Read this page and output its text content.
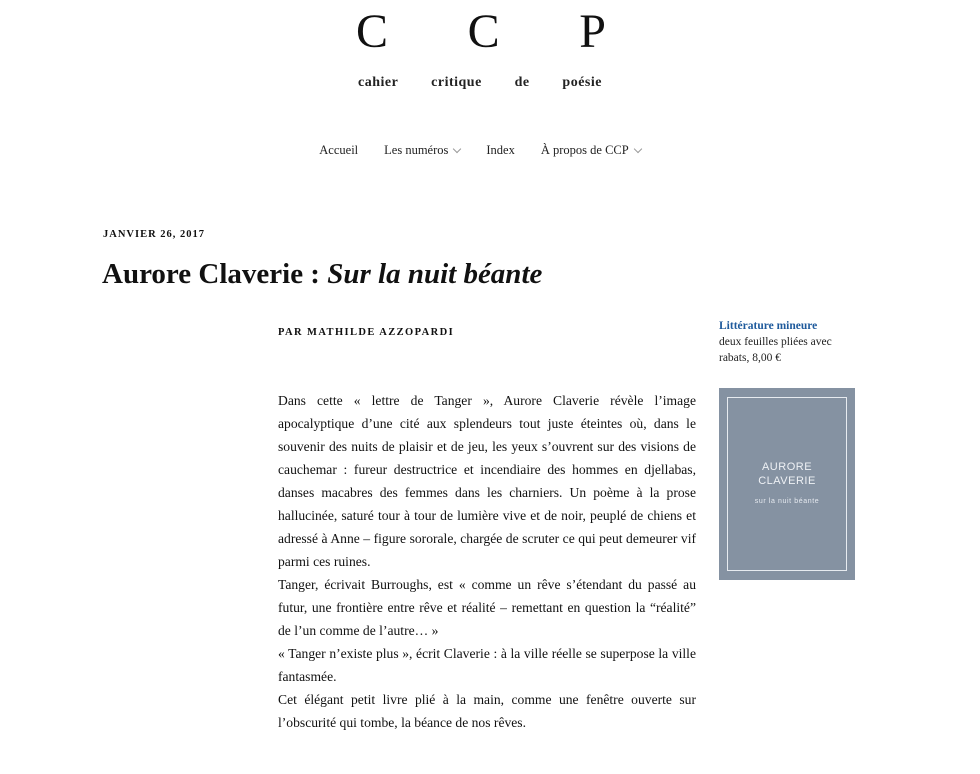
C C P
cahier critique de poésie
Accueil Les numéros	Index À propos de CCP
JANVIER 26, 2017
Aurore Claverie : Sur la nuit béante
PAR MATHILDE AZZOPARDI

Dans cette « lettre de Tanger », Aurore Claverie révèle l’image apocalyptique d’une cité aux splendeurs tout juste éteintes où, dans le souvenir des nuits de plaisir et de jeu, les yeux s’ouvrent sur des visions de cauchemar : fureur destructrice et incendiaire des hommes en djellabas, danses macabres des femmes dans les charniers. Un poème à la prose hallucinée, saturé tour à tour de lumière vive et de noir, peuplé de chiens et adressé à Anne – figure sororale, chargée de scruter ce qui peut demeurer vif parmi ces ruines.

Tanger, écrivait Burroughs, est « comme un rêve s’étendant du passé au futur, une frontière entre rêve et réalité – remettant en question la “réalité” de l’un comme de l’autre… »

« Tanger n’existe plus », écrit Claverie : à la ville réelle se superpose la ville fantasmée.

Cet élégant petit livre plié à la main, comme une fenêtre ouverte sur l’obscurité qui tombe, la béance de nos rêves.

Littérature mineure
deux feuilles pliées avec rabats, 8,00 €
AURORE
CLAVERIE
sur la nuit béante
